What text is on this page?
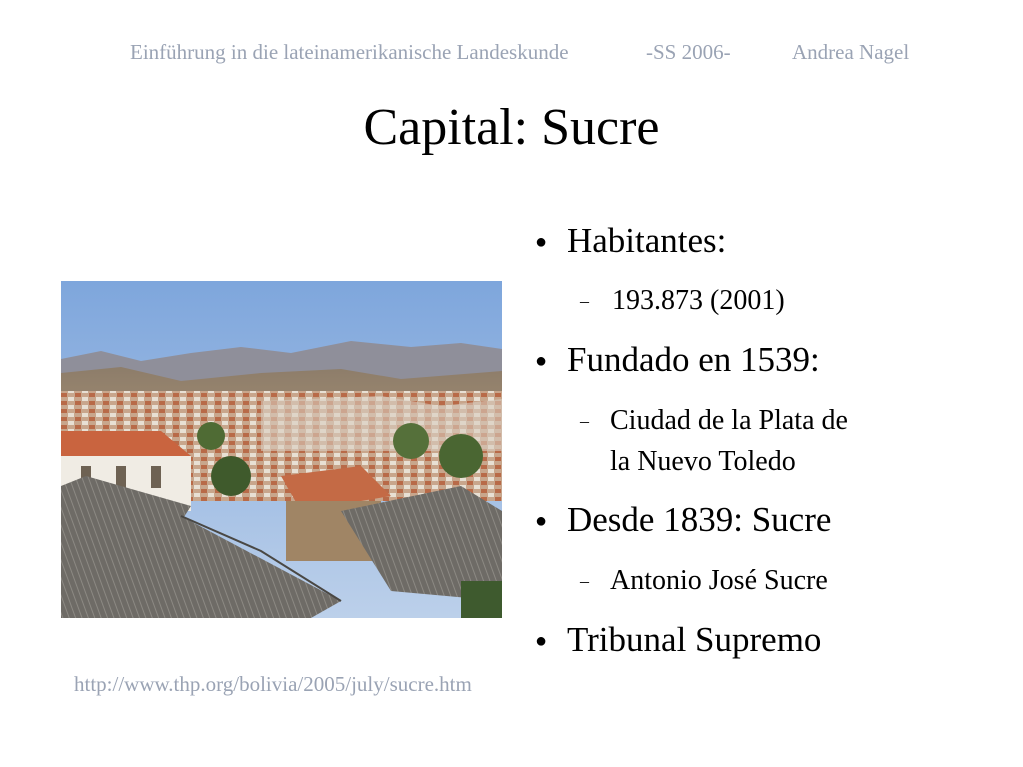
Einführung in die lateinamerikanische Landeskunde	-SS 2006-	Andrea Nagel
Capital: Sucre
http://www.thp.org/bolivia/2005/july/sucre.htm
● Habitantes:
– 193.873 (2001)
● Fundado en 1539:
– Ciudad de la Plata de
la Nuevo Toledo
● Desde 1839: Sucre
– Antonio José Sucre
● Tribunal Supremo
